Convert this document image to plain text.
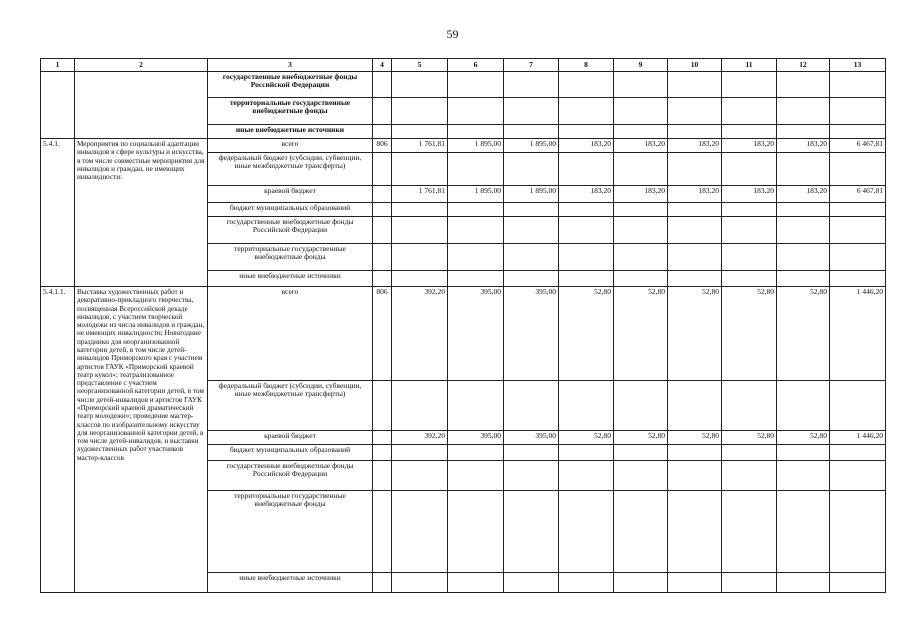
59
1	2	3	4	5	6	7	8	9	10	11	12	13
		государственные внебюджетные фонды Российской Федерации										
		территориальные государственные внебюджетные фонды										
		иные внебюджетные источники										
5.4.1.	Мероприятия по социальной адаптации инвалидов в сфере культуры и искусства, в том числе совместные мероприятия для инвалидов и граждан, не имеющих инвалидности:	всего	806	1 761,81	1 895,00	1 895,00	183,20	183,20	183,20	183,20	183,20	6 467,81
		федеральный бюджет (субсидии, субвенции, иные межбюджетные трансферты)										
		краевой бюджет		1 761,81	1 895,00	1 895,00	183,20	183,20	183,20	183,20	183,20	6 467,81
		бюджет муниципальных образований										
		государственные внебюджетные фонды Российской Федерации										
		территориальные государственные внебюджетные фонды										
		иные внебюджетные источники										
5.4.1.1.	Выставка художественных работ и декоративно-прикладного творчества, посвященная Всероссийской декаде инвалидов, с участием творческой молодежи из числа инвалидов и граждан, не имеющих инвалидности; Новогодние праздники для неорганизованной категории детей, в том числе детей-инвалидов Приморского края с участием артистов ГАУК «Приморский краевой театр кукол»; театрализованное представление с участием неорганизованной категории детей, в том числе детей-инвалидов и артистов ГАУК «Приморский краевой драматический театр молодежи»; проведение мастер-классов по изобразительному искусству для неорганизованной категории детей, в том числе детей-инвалидов, и выставки художественных работ участников мастер-классов	всего	806	392,20	395,00	395,00	52,80	52,80	52,80	52,80	52,80	1 446,20
		федеральный бюджет (субсидии, субвенции, иные межбюджетные трансферты)										
		краевой бюджет		392,20	395,00	395,00	52,80	52,80	52,80	52,80	52,80	1 446,20
		бюджет муниципальных образований										
		государственные внебюджетные фонды Российской Федерации										
		территориальные государственные внебюджетные фонды										
		иные внебюджетные источники										
